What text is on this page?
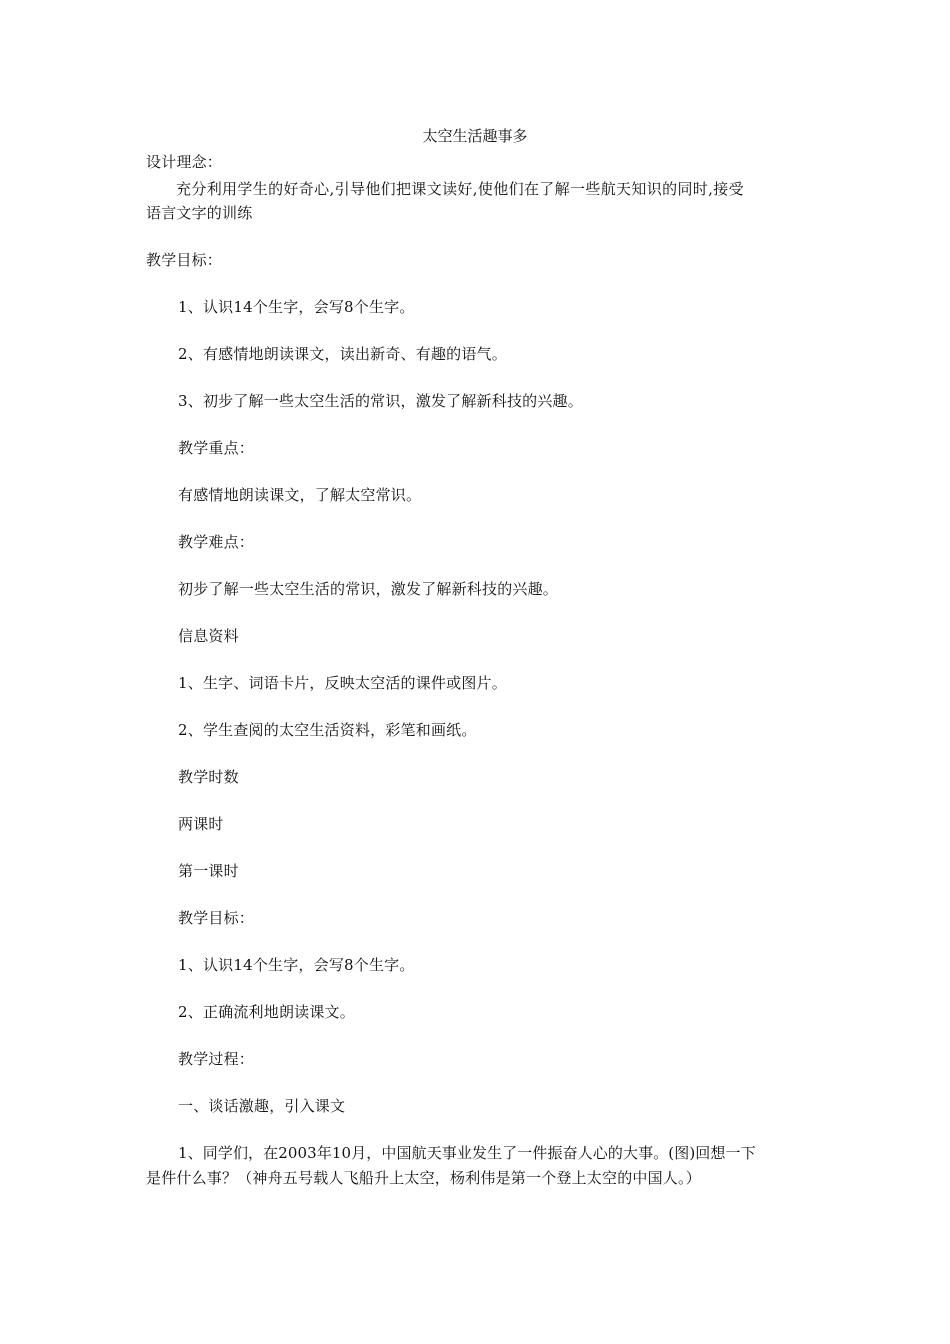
太空生活趣事多
设计理念：
充分利用学生的好奇心,引导他们把课文读好,使他们在了解一些航天知识的同时,接受
语言文字的训练
教学目标：
1、认识14个生字，会写8个生字。
2、有感情地朗读课文，读出新奇、有趣的语气。
3、初步了解一些太空生活的常识，激发了解新科技的兴趣。
教学重点：
有感情地朗读课文，了解太空常识。
教学难点：
初步了解一些太空生活的常识，激发了解新科技的兴趣。
信息资料
1、生字、词语卡片，反映太空活的课件或图片。
2、学生查阅的太空生活资料，彩笔和画纸。
教学时数
两课时
第一课时
教学目标：
1、认识14个生字，会写8个生字。
2、正确流利地朗读课文。
教学过程：
一、谈话激趣，引入课文
1、同学们，在2003年10月，中国航天事业发生了一件振奋人心的大事。(图)回想一下
是件什么事？（神舟五号载人飞船升上太空，杨利伟是第一个登上太空的中国人。）
